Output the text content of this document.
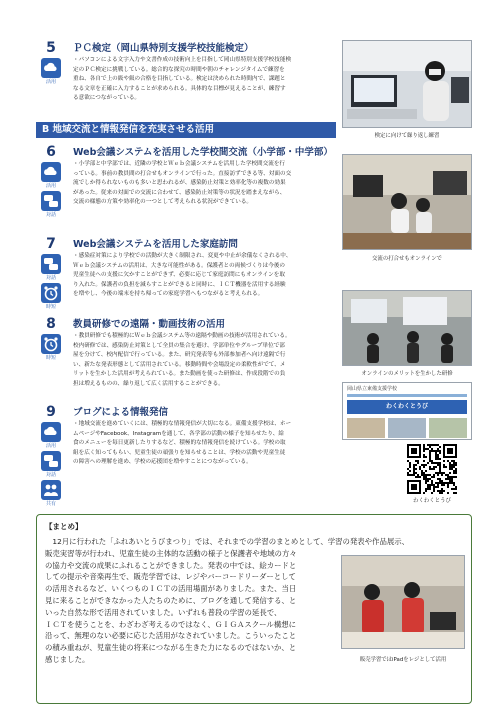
5
活用
ＰＣ検定（岡山県特別支援学校技能検定）
・パソコンによる文字入力や文書作成の技術向上を目指して岡山県特別支援学校技能検
定のＰＣ検定に挑戦している。総合的な探究の時間や朝のチャレンジタイムで練習を
重ね、各自で上の級や級の合格を目指している。検定は決められた時間内で、課題と
なる文章を正確に入力することが求められる。具体的な目標が見えることが、練習す
る意欲につながっている。
検定に向けて繰り返し練習
B 地域交流と情報発信を充実させる活用
6
活用
対話
Web会議システムを活用した学校間交流（小学部・中学部）
・小学部と中学部では、近隣の学校とＷｅｂ会議システムを活用した学校間交流を行
っている。事前の教員間の打合せもオンラインで行った。直接訪ずできる等、対面の交
流でしか得られないものも多いと思われるが、感染防止対策と効率化等の複数の効果
があった。従来の対面での交流に合わせて、感染防止対策等の状況を踏まえながら、
交流の様態の方策や効率化の一つとして考えられる状況ができている。
交流の打合せもオンラインで
7
対話
時短
Web会議システムを活用した家庭訪問
・感染症対策により学校での活動が大きく制限され、変更や中止が余儀なくされる中、
Ｗｅｂ会議システムの活用は、大きな可能性がある。保護者との両候づくりは今後の
児童生徒への支援に欠かすことができず、必要に応じて家庭訪問にもオンラインを取
り入れた。保護者の負担を減らすことができると同時に、ＩＣＴ機器を活用する経験
を増やし、今後の端末を持ち帰っての家庭学習へもつながると考えられる。
オンラインのメリットを生かした研修
8
時短
教員研修での遠隔・動画技術の活用
・教員研修でも積極的にＷｅｂ会議システム等の遠隔や動画の技術が活用されている。
校内研修では、感染防止対策として全員の集合を避け、学部単位やグループ単位で部
屋を分けて、校内配信で行っている。また、研究発表等も外部参加者へ向け遠隔で行
い、新たな発表形態として活用されている。移動時間や会場設定の柔軟性がでて、メ
リットを生かした活用が考えられている。また動画を使った研修は、作成段階での負
担は増えるものの、繰り返して広く活用することができる。
岡山県立東備支援学校
わくわくとうび
9
活用
対話
共有
ブログによる情報発信
・地域交流を進めていくには、積極的な情報発信が大切になる。東備支援学校は、ホー
ムページやFacebook、Instagramを通して、各学部の活動の様子を知らせたり、給
食のメニューを毎日更新したりするなど、積極的な情報発信を続けている。学校の取
組を広く知ってもらい、児童生徒の頑張りを知らせることは、学校の活動や児童生徒
の障害への理解を進め、学校の応援団を増やすことにつながっている。
わくわくとうび
【まとめ】
　12月に行われた「ふれあいとうびまつり」では、それまでの学習のまとめとして、学習の発表や作品展示、
販売実習等が行われ、児童生徒の主体的な活動の様子と保護者や地域の方々
の協力や交流の成果にふれることができました。発表の中では、絵カードと
しての提示や音楽再生で、販売学習では、レジやバーコードリーダーとして
の活用されるなど、いくつものＩＣＴの活用場面がありました。また、当日
見に来ることができなかった人たちのために、ブログを通して発信する、と
いった自然な形で活用されていました。いずれも普段の学習の延長で、
ＩＣＴを使うことを、わざわざ考えるのではなく、ＧＩＧＡスクール構想に
沿って、無理のない必要に応じた活用がなされていました。こういったこと
の積み重ねが、児童生徒の将来につながる生きた力になるのではないか、と
感じました。	販売学習ではiPadをレジとして活用
